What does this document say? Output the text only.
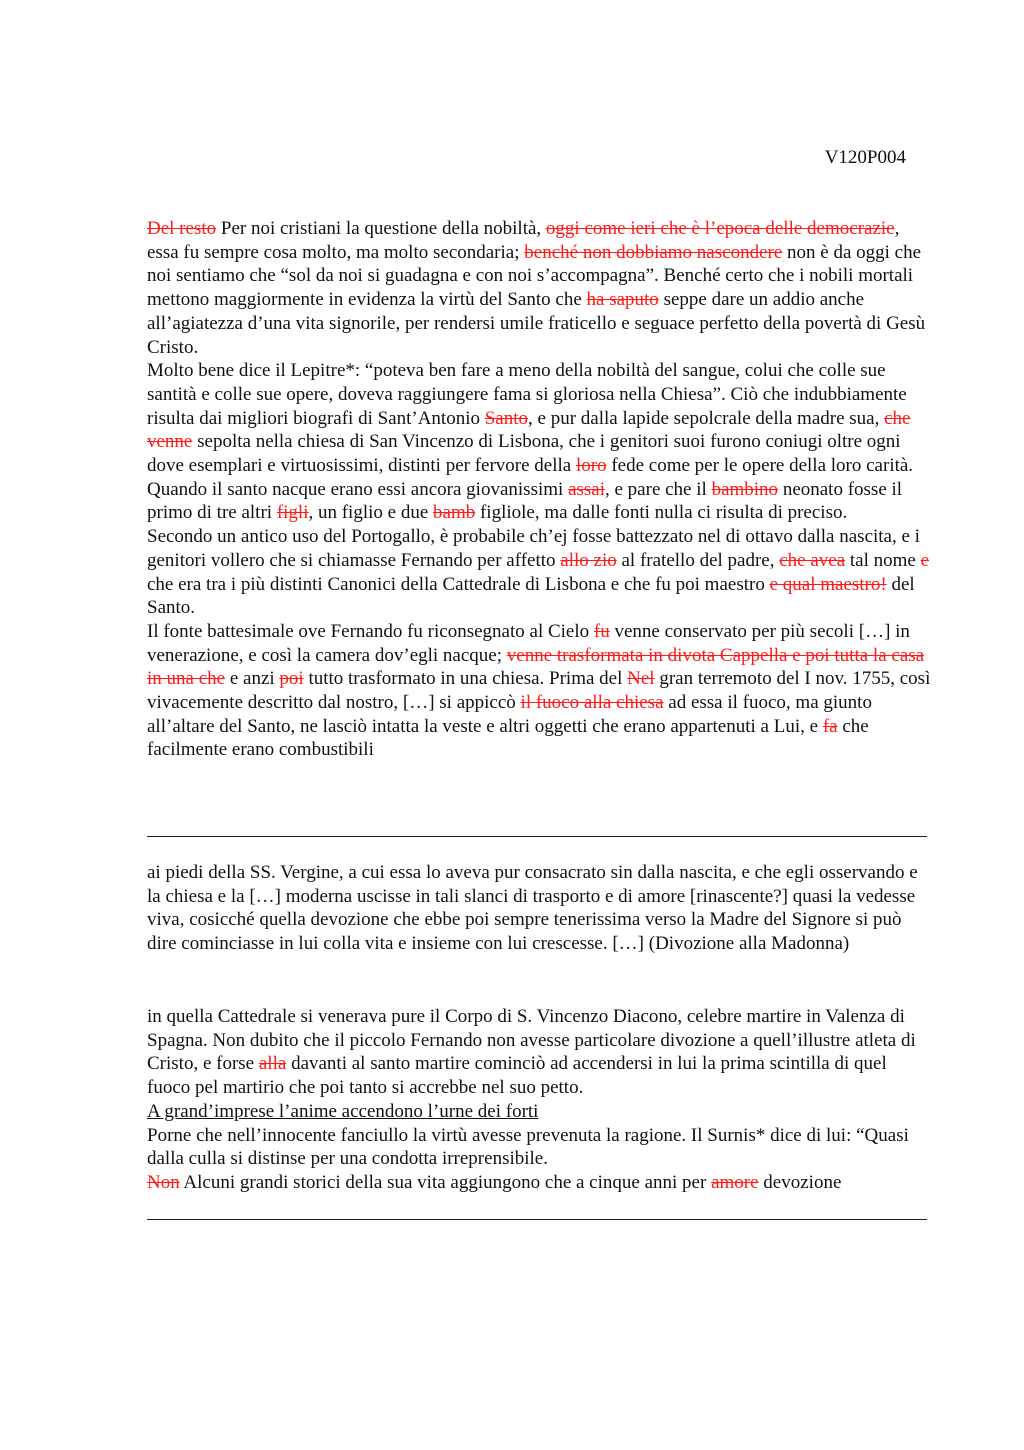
V120P004

Del resto Per noi cristiani la questione della nobiltà, oggi come ieri che è l’epoca delle democrazie, essa fu sempre cosa molto, ma molto secondaria; benché non dobbiamo nascondere non è da oggi che noi sentiamo che “sol da noi si guadagna e con noi s’accompagna”. Benché certo che i nobili mortali mettono maggiormente in evidenza la virtù del Santo che ha saputo seppe dare un addio anche all’agiatezza d’una vita signorile, per rendersi umile fraticello e seguace perfetto della povertà di Gesù Cristo.

Molto bene dice il Lepitre*: “poteva ben fare a meno della nobiltà del sangue, colui che colle sue santità e colle sue opere, doveva raggiungere fama si gloriosa nella Chiesa”. Ciò che indubbiamente risulta dai migliori biografi di Sant’Antonio Santo, e pur dalla lapide sepolcrale della madre sua, che venne sepolta nella chiesa di San Vincenzo di Lisbona, che i genitori suoi furono coniugi oltre ogni dove esemplari e virtuosissimi, distinti per fervore della loro fede come per le opere della loro carità.

Quando il santo nacque erano essi ancora giovanissimi assai, e pare che il bambino neonato fosse il primo di tre altri figli, un figlio e due bamb figliole, ma dalle fonti nulla ci risulta di preciso.

Secondo un antico uso del Portogallo, è probabile ch’ej fosse battezzato nel di ottavo dalla nascita, e i genitori vollero che si chiamasse Fernando per affetto allo zio al fratello del padre, che avea tal nome e che era tra i più distinti Canonici della Cattedrale di Lisbona e che fu poi maestro e qual maestro! del Santo.

Il fonte battesimale ove Fernando fu riconsegnato al Cielo fu venne conservato per più secoli […] in venerazione, e così la camera dov’egli nacque; venne trasformata in divota Cappella e poi tutta la casa in una che e anzi poi tutto trasformato in una chiesa. Prima del Nel gran terremoto del I nov. 1755, così vivacemente descritto dal nostro, […] si appiccò il fuoco alla chiesa ad essa il fuoco, ma giunto all’altare del Santo, ne lasciò intatta la veste e altri oggetti che erano appartenuti a Lui, e fa che facilmente erano combustibili

ai piedi della SS. Vergine, a cui essa lo aveva pur consacrato sin dalla nascita, e che egli osservando e la chiesa e la […] moderna uscisse in tali slanci di trasporto e di amore [rinascente?] quasi la vedesse viva, cosicché quella devozione che ebbe poi sempre tenerissima verso la Madre del Signore si può dire cominciasse in lui colla vita e insieme con lui crescesse. […] (Divozione alla Madonna)

in quella Cattedrale si venerava pure il Corpo di S. Vincenzo Diacono, celebre martire in Valenza di Spagna. Non dubito che il piccolo Fernando non avesse particolare divozione a quell’illustre atleta di Cristo, e forse alla davanti al santo martire cominciò ad accendersi in lui la prima scintilla di quel fuoco pel martirio che poi tanto si accrebbe nel suo petto.

A grand’imprese l’anime accendono l’urne dei forti

Porne che nell’innocente fanciullo la virtù avesse prevenuta la ragione. Il Surnis* dice di lui: “Quasi dalla culla si distinse per una condotta irreprensibile.

Non Alcuni grandi storici della sua vita aggiungono che a cinque anni per amore devozione
